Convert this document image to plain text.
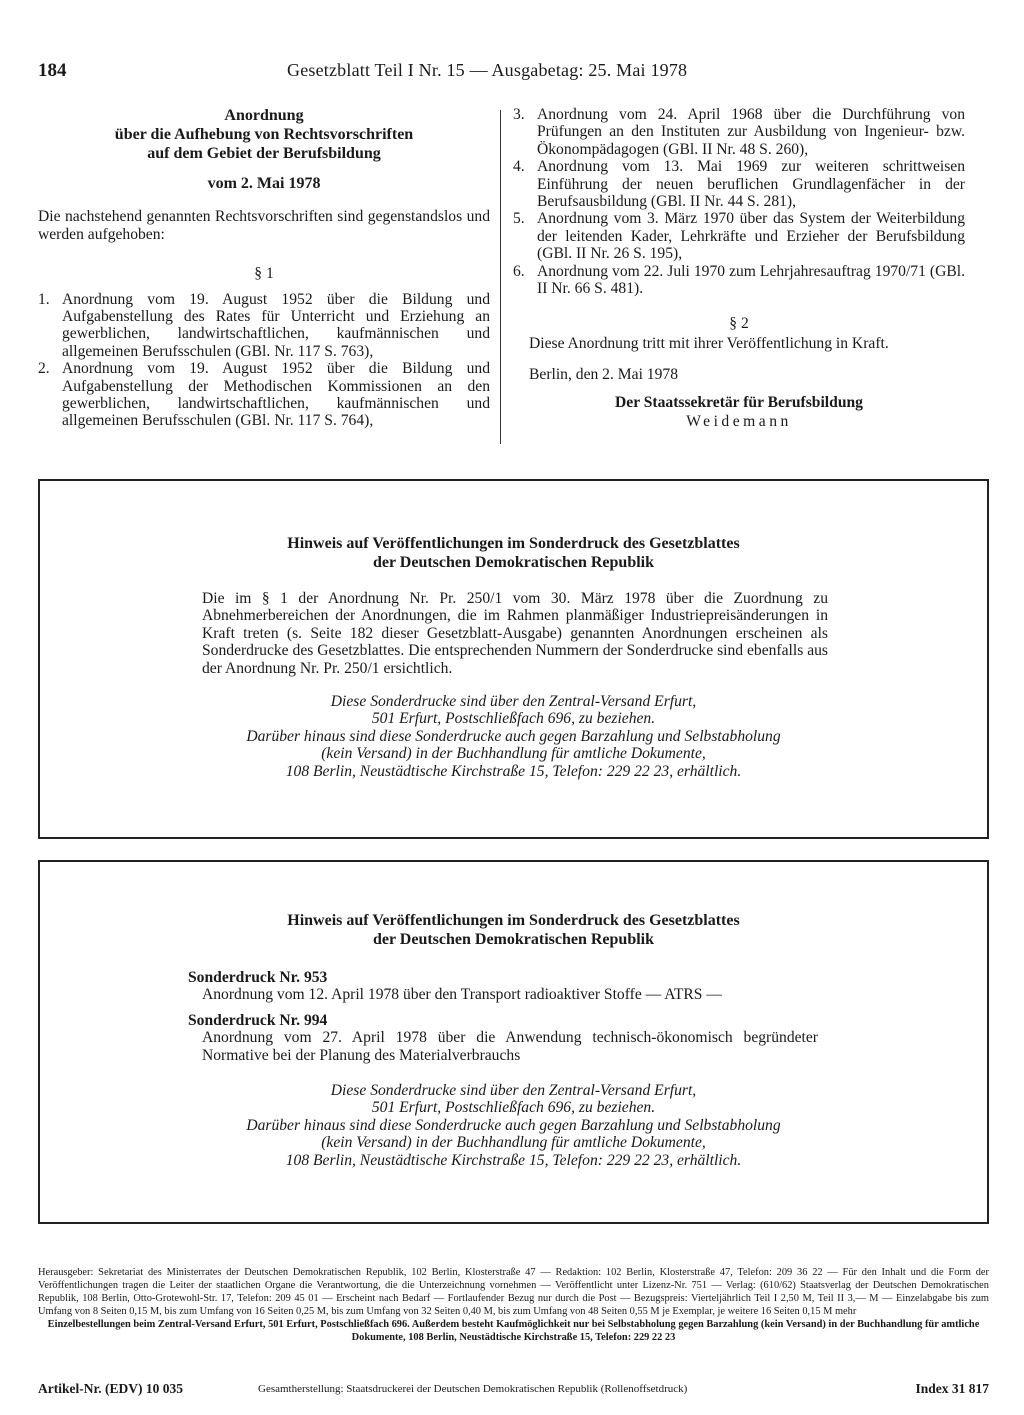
184	Gesetzblatt Teil I Nr. 15 — Ausgabetag: 25. Mai 1978
Anordnung
über die Aufhebung von Rechtsvorschriften
auf dem Gebiet der Berufsbildung
vom 2. Mai 1978

Die nachstehend genannten Rechtsvorschriften sind gegenstandslos und werden aufgehoben:

§ 1
1. Anordnung vom 19. August 1952 über die Bildung und Aufgabenstellung des Rates für Unterricht und Erziehung an gewerblichen, landwirtschaftlichen, kaufmännischen und allgemeinen Berufsschulen (GBl. Nr. 117 S. 763),
2. Anordnung vom 19. August 1952 über die Bildung und Aufgabenstellung der Methodischen Kommissionen an den gewerblichen, landwirtschaftlichen, kaufmännischen und allgemeinen Berufsschulen (GBl. Nr. 117 S. 764),
3. Anordnung vom 24. April 1968 über die Durchführung von Prüfungen an den Instituten zur Ausbildung von Ingenieur- bzw. Ökonompädagogen (GBl. II Nr. 48 S. 260),
4. Anordnung vom 13. Mai 1969 zur weiteren schrittweisen Einführung der neuen beruflichen Grundlagenfächer in der Berufsausbildung (GBl. II Nr. 44 S. 281),
5. Anordnung vom 3. März 1970 über das System der Weiterbildung der leitenden Kader, Lehrkräfte und Erzieher der Berufsbildung (GBl. II Nr. 26 S. 195),
6. Anordnung vom 22. Juli 1970 zum Lehrjahresauftrag 1970/71 (GBl. II Nr. 66 S. 481).
§ 2

Diese Anordnung tritt mit ihrer Veröffentlichung in Kraft.

Berlin, den 2. Mai 1978

Der Staatssekretär für Berufsbildung
Weidemann
Hinweis auf Veröffentlichungen im Sonderdruck des Gesetzblattes
der Deutschen Demokratischen Republik

Die im § 1 der Anordnung Nr. Pr. 250/1 vom 30. März 1978 über die Zuordnung zu Abnehmerbereichen der Anordnungen, die im Rahmen planmäßiger Industriepreisänderungen in Kraft treten (s. Seite 182 dieser Gesetzblatt-Ausgabe) genannten Anordnungen erscheinen als Sonderdrucke des Gesetzblattes. Die entsprechenden Nummern der Sonderdrucke sind ebenfalls aus der Anordnung Nr. Pr. 250/1 ersichtlich.

Diese Sonderdrucke sind über den Zentral-Versand Erfurt,
501 Erfurt, Postschließfach 696, zu beziehen.
Darüber hinaus sind diese Sonderdrucke auch gegen Barzahlung und Selbstabholung
(kein Versand) in der Buchhandlung für amtliche Dokumente,
108 Berlin, Neustädtische Kirchstraße 15, Telefon: 229 22 23, erhältlich.
Hinweis auf Veröffentlichungen im Sonderdruck des Gesetzblattes
der Deutschen Demokratischen Republik
Sonderdruck Nr. 953
Anordnung vom 12. April 1978 über den Transport radioaktiver Stoffe — ATRS —
Sonderdruck Nr. 994
Anordnung vom 27. April 1978 über die Anwendung technisch-ökonomisch begründeter Normative bei der Planung des Materialverbrauchs
Diese Sonderdrucke sind über den Zentral-Versand Erfurt,
501 Erfurt, Postschließfach 696, zu beziehen.
Darüber hinaus sind diese Sonderdrucke auch gegen Barzahlung und Selbstabholung
(kein Versand) in der Buchhandlung für amtliche Dokumente,
108 Berlin, Neustädtische Kirchstraße 15, Telefon: 229 22 23, erhältlich.
Herausgeber: Sekretariat des Ministerrates der Deutschen Demokratischen Republik, 102 Berlin, Klosterstraße 47 — Redaktion: 102 Berlin, Klosterstraße 47, Telefon: 209 36 22 — Für den Inhalt und die Form der Veröffentlichungen tragen die Leiter der staatlichen Organe die Verantwortung, die die Unterzeichnung vornehmen — Veröffentlicht unter Lizenz-Nr. 751 — Verlag: (610/62) Staatsverlag der Deutschen Demokratischen Republik, 108 Berlin, Otto-Grotewohl-Str. 17, Telefon: 209 45 01 — Erscheint nach Bedarf — Fortlaufender Bezug nur durch die Post — Bezugspreis: Vierteljährlich Teil I 2,50 M, Teil II 3,— M — Einzelabgabe bis zum Umfang von 8 Seiten 0,15 M, bis zum Umfang von 16 Seiten 0,25 M, bis zum Umfang von 32 Seiten 0,40 M, bis zum Umfang von 48 Seiten 0,55 M je Exemplar, je weitere 16 Seiten 0,15 M mehr
Einzelbestellungen beim Zentral-Versand Erfurt, 501 Erfurt, Postschließfach 696. Außerdem besteht Kaufmöglichkeit nur bei Selbstabholung gegen Barzahlung (kein Versand) in der Buchhandlung für amtliche Dokumente, 108 Berlin, Neustädtische Kirchstraße 15, Telefon: 229 22 23
Artikel-Nr. (EDV) 10 035	Gesamtherstellung: Staatsdruckerei der Deutschen Demokratischen Republik (Rollenoffsetdruck)	Index 31 817
